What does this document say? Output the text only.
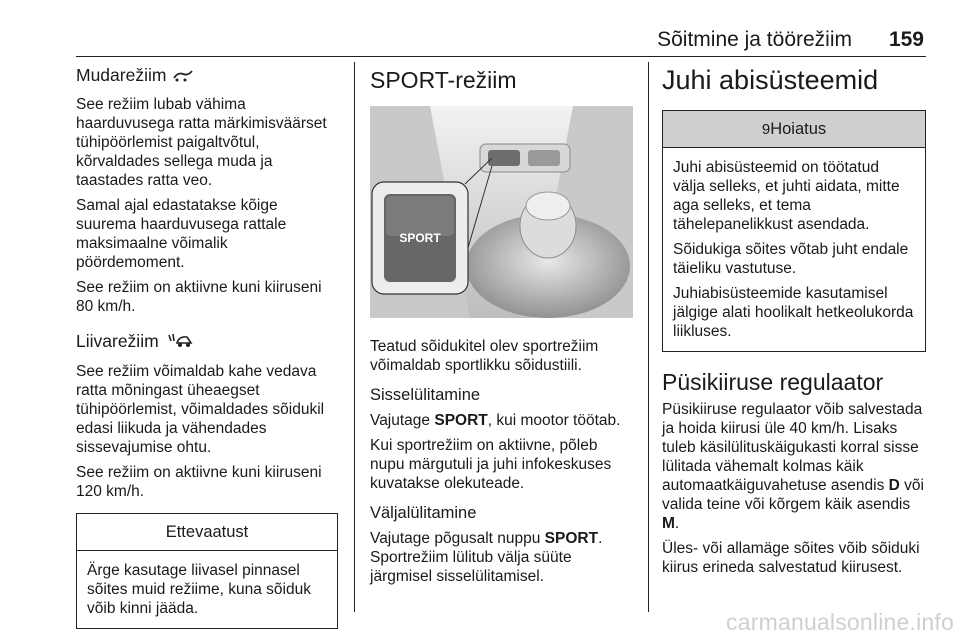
Sõitmine ja töörežiim 159
Mudarežiim

See režiim lubab vähima haarduvusega ratta märkimisväärset tühipöörlemist paigaltvõtul, kõrvaldades sellega muda ja taastades ratta veo.

Samal ajal edastatakse kõige suurema haarduvusega rattale maksimaalne võimalik pöördemoment.

See režiim on aktiivne kuni kiiruseni 80 km/h.

Liivarežiim

See režiim võimaldab kahe vedava ratta mõningast üheaegset tühipöörlemist, võimaldades sõidukil edasi liikuda ja vähendades sissevajumise ohtu.

See režiim on aktiivne kuni kiiruseni 120 km/h.

Ettevaatust

Ärge kasutage liivasel pinnasel sõites muid režiime, kuna sõiduk võib kinni jääda.

SPORT-režiim
SPORT

Teatud sõidukitel olev sportrežiim võimaldab sportlikku sõidustiili.

Sisselülitamine

Vajutage SPORT, kui mootor töötab.

Kui sportrežiim on aktiivne, põleb nupu märgutuli ja juhi infokeskuses kuvatakse olekuteade.

Väljalülitamine

Vajutage põgusalt nuppu SPORT. Sportrežiim lülitub välja süüte järgmisel sisselülitamisel.

Juhi abisüsteemid
9Hoiatus

Juhi abisüsteemid on töötatud välja selleks, et juhti aidata, mitte aga selleks, et tema tähelepanelikkust asendada.

Sõidukiga sõites võtab juht endale täieliku vastutuse.

Juhiabisüsteemide kasutamisel jälgige alati hoolikalt hetkeolukorda liikluses.

Püsikiiruse regulaator

Püsikiiruse regulaator võib salvestada ja hoida kiirusi üle 40 km/h. Lisaks tuleb käsilülituskäigukasti korral sisse lülitada vähemalt kolmas käik automaatkäiguvahetuse asendis D või valida teine või kõrgem käik asendis M.

Üles- või allamäge sõites võib sõiduki kiirus erineda salvestatud kiirusest.

carmanualsonline.info
